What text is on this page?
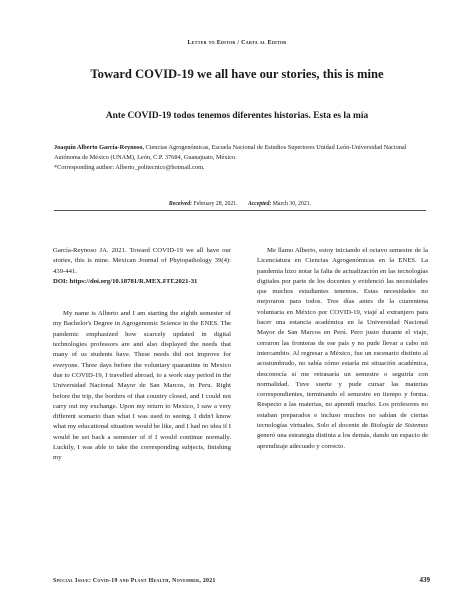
Letter to Editor / Carta al Editor
Toward COVID-19 we all have our stories, this is mine
Ante COVID-19 todos tenemos diferentes historias. Esta es la mía
Joaquín Alberto García-Reynoso, Ciencias Agrogenómicas, Escuela Nacional de Estudios Superiores Unidad León-Universidad Nacional Autónoma de México (UNAM), León, C.P. 37684, Guanajuato, México.
*Corresponding author: Alberto_politecnico@hotmail.com.
Received: February 28, 2021. Accepted: March 30, 2021.

García-Reynoso JA. 2021. Toward COVID-19 we all have our stories, this is mine. Mexican Journal of Phytopathology 39(4): 439-441.
DOI: https://doi.org/10.18781/R.MEX.FIT.2021-31

My name is Alberto and I am starting the eighth semester of my Bachelor's Degree in Agrogenomic Science in the ENES. The pandemic emphasized how scarcely updated in digital technologies professors are and also displayed the needs that many of us students have. These needs did not improve for everyone. Three days before the voluntary quarantine in Mexico due to COVID-19, I travelled abroad, to a work stay period in the Universidad Nacional Mayor de San Marcos, in Peru. Right before the trip, the borders of that country closed, and I could not carry out my exchange. Upon my return to Mexico, I saw a very different scenario than what I was used to seeing. I didn't know what my educational situation would be like, and I had no idea if I would be set back a semester of if I would continue normally. Luckily, I was able to take the corresponding subjects, finishing my

Me llamo Alberto, estoy iniciando el octavo semestre de la Licenciatura en Ciencias Agrogenómicas en la ENES. La pandemia hizo notar la falta de actualización en las tecnologías digitales por parte de los docentes y evidenció las necesidades que muchos estudiantes tenemos. Estas necesidades no mejoraron para todos. Tres días antes de la cuarentena voluntaria en México por COVID-19, viajé al extranjero para hacer una estancia académica en la Universidad Nacional Mayor de San Marcos en Perú. Pero justo durante el viaje, cerraron las fronteras de ese país y no pude llevar a cabo mi intercambio. Al regresar a México, fue un escenario distinto al acostumbrado, no sabía cómo estaría mi situación académica, desconocía si me retrasaría un semestre o seguiría con normalidad. Tuve suerte y pude cursar las materias correspondientes, terminando el semestre en tiempo y forma. Respecto a las materias, no aprendí mucho. Los profesores no estaban preparados e incluso muchos no sabían de ciertas tecnologías virtuales. Solo el docente de Biología de Sistemas generó una estrategia distinta a los demás, dando un espacio de aprendizaje adecuado y correcto.

Special Issue: Covid-19 and Plant Health, November, 2021	439
